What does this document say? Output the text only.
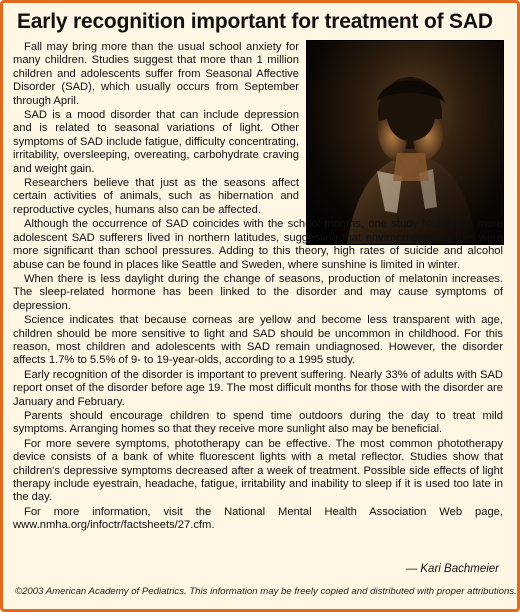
Early recognition important for treatment of SAD

Fall may bring more than the usual school anxiety for many children. Studies suggest that more than 1 million children and adolescents suffer from Seasonal Affective Disorder (SAD), which usually occurs from September through April.

SAD is a mood disorder that can include depression and is related to seasonal variations of light. Other symptoms of SAD include fatigue, difficulty concentrating, irritability, oversleeping, overeating, carbohydrate craving and weight gain.

Researchers believe that just as the seasons affect certain activities of animals, such as hibernation and reproductive cycles, humans also can be affected.

Although the occurrence of SAD coincides with the school months, one study found that more adolescent SAD sufferers lived in northern latitudes, suggesting that environmental factors were more significant than school pressures. Adding to this theory, high rates of suicide and alcohol abuse can be found in places like Seattle and Sweden, where sunshine is limited in winter.

When there is less daylight during the change of seasons, production of melatonin increases. The sleep-related hormone has been linked to the disorder and may cause symptoms of depression.

Science indicates that because corneas are yellow and become less transparent with age, children should be more sensitive to light and SAD should be uncommon in childhood. For this reason, most children and adolescents with SAD remain undiagnosed. However, the disorder affects 1.7% to 5.5% of 9- to 19-year-olds, according to a 1995 study.

Early recognition of the disorder is important to prevent suffering. Nearly 33% of adults with SAD report onset of the disorder before age 19. The most difficult months for those with the disorder are January and February.

Parents should encourage children to spend time outdoors during the day to treat mild symptoms. Arranging homes so that they receive more sunlight also may be beneficial.

For more severe symptoms, phototherapy can be effective. The most common phototherapy device consists of a bank of white fluorescent lights with a metal reflector. Studies show that children's depressive symptoms decreased after a week of treatment. Possible side effects of light therapy include eyestrain, headache, fatigue, irritability and inability to sleep if it is used too late in the day.

For more information, visit the National Mental Health Association Web page, www.nmha.org/infoctr/factsheets/27.cfm.

— Kari Bachmeier
©2003 American Academy of Pediatrics. This information may be freely copied and distributed with proper attributions.
